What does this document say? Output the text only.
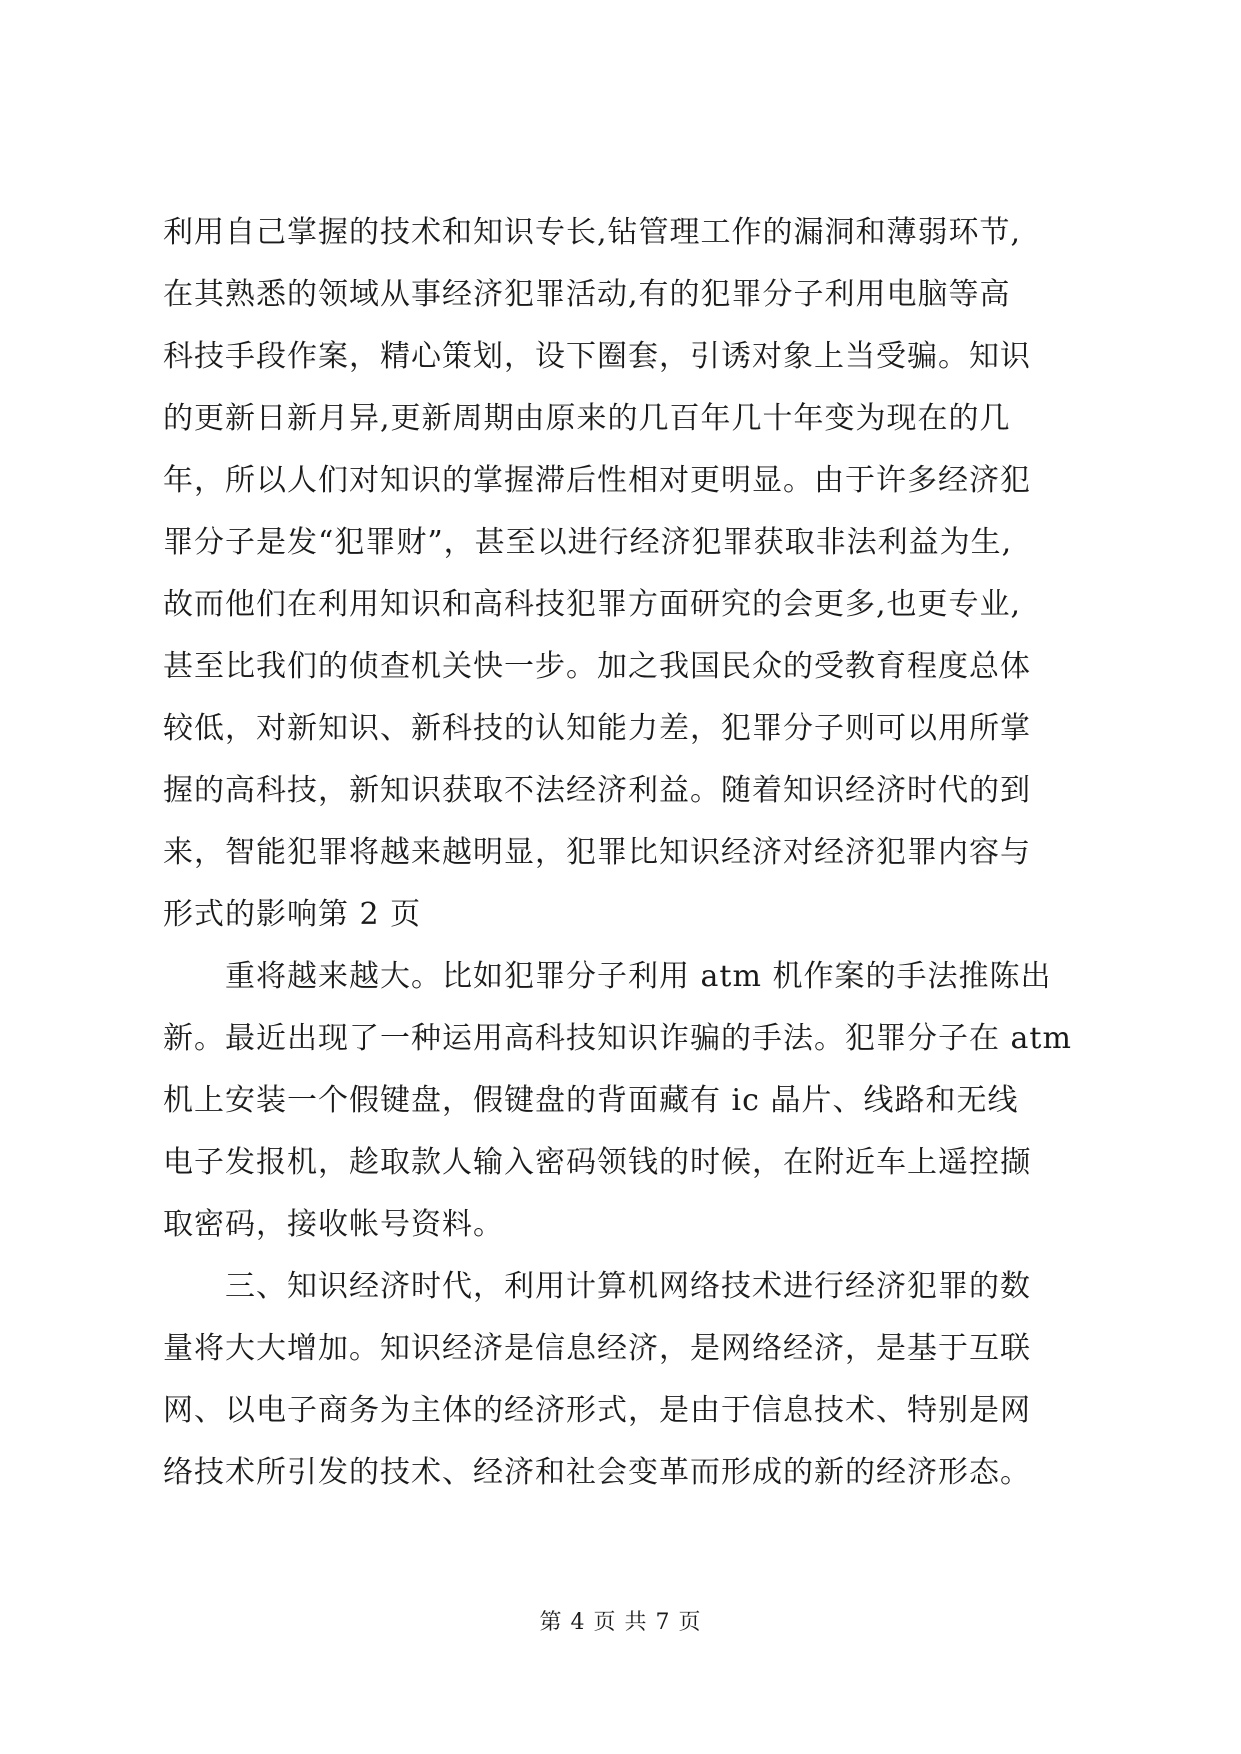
利用自己掌握的技术和知识专长,钻管理工作的漏洞和薄弱环节,
在其熟悉的领域从事经济犯罪活动,有的犯罪分子利用电脑等高
科技手段作案，精心策划，设下圈套，引诱对象上当受骗。知识
的更新日新月异,更新周期由原来的几百年几十年变为现在的几
年，所以人们对知识的掌握滞后性相对更明显。由于许多经济犯
罪分子是发“犯罪财”，甚至以进行经济犯罪获取非法利益为生,
故而他们在利用知识和高科技犯罪方面研究的会更多,也更专业,
甚至比我们的侦查机关快一步。加之我国民众的受教育程度总体
较低，对新知识、新科技的认知能力差，犯罪分子则可以用所掌
握的高科技，新知识获取不法经济利益。随着知识经济时代的到
来，智能犯罪将越来越明显，犯罪比知识经济对经济犯罪内容与
形式的影响第 2 页
　　重将越来越大。比如犯罪分子利用 atm 机作案的手法推陈出
新。最近出现了一种运用高科技知识诈骗的手法。犯罪分子在 atm
机上安装一个假键盘，假键盘的背面藏有 ic 晶片、线路和无线
电子发报机，趁取款人输入密码领钱的时候，在附近车上遥控撷
取密码，接收帐号资料。
　　三、知识经济时代，利用计算机网络技术进行经济犯罪的数
量将大大增加。知识经济是信息经济，是网络经济，是基于互联
网、以电子商务为主体的经济形式，是由于信息技术、特别是网
络技术所引发的技术、经济和社会变革而形成的新的经济形态。
第 4 页 共 7 页
